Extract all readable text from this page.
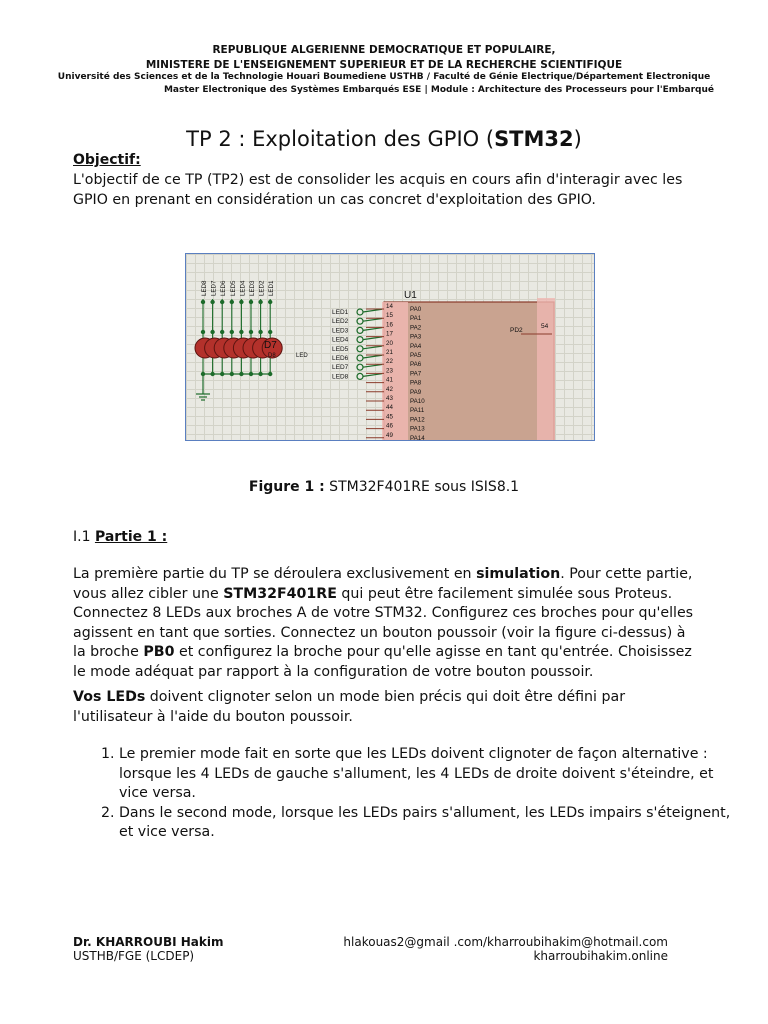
REPUBLIQUE ALGERIENNE DEMOCRATIQUE ET POPULAIRE,
MINISTERE DE L'ENSEIGNEMENT SUPERIEUR ET DE LA RECHERCHE SCIENTIFIQUE
Université des Sciences et de la Technologie Houari Boumediene USTHB / Faculté de Génie Electrique/Département Electronique
Master Electronique des Systèmes Embarqués ESE | Module : Architecture des Processeurs pour l'Embarqué
TP 2 : Exploitation des GPIO (STM32)
Objectif:
L'objectif de ce TP (TP2) est de consolider les acquis en cours afin d'interagir avec les GPIO en prenant en considération un cas concret d'exploitation des GPIO.
LED8 LED7 LED6 LED5 LED4 LED3 LED2 LED1
LED1
LED2
LED3
LED4
LED5
LED6
LED7
LED8
U1
14	PA0
15	PA1
16	PA2
17	PA3
20	PA4
21	PA5
22	PA6
23	PA7
41	PA8
42	PA9
43	PA10
44	PA11
45	PA12
46	PA13
49	PA14
PD2
54
D7
D8	LED
Figure 1 : STM32F401RE sous ISIS8.1
I.1 Partie 1 :
La première partie du TP se déroulera exclusivement en simulation. Pour cette partie, vous allez cibler une STM32F401RE qui peut être facilement simulée sous Proteus. Connectez 8 LEDs aux broches A de votre STM32. Configurez ces broches pour qu'elles agissent en tant que sorties. Connectez un bouton poussoir (voir la figure ci-dessus) à la broche PB0 et configurez la broche pour qu'elle agisse en tant qu'entrée. Choisissez le mode adéquat par rapport à la configuration de votre bouton poussoir.
Vos LEDs doivent clignoter selon un mode bien précis qui doit être défini par l'utilisateur à l'aide du bouton poussoir.
1. Le premier mode fait en sorte que les LEDs doivent clignoter de façon alternative : lorsque les 4 LEDs de gauche s'allument, les 4 LEDs de droite doivent s'éteindre, et vice versa.
2. Dans le second mode, lorsque les LEDs pairs s'allument, les LEDs impairs s'éteignent, et vice versa.
Dr. KHARROUBI Hakim
USTHB/FGE (LCDEP)
hlakouas2@gmail .com/kharroubihakim@hotmail.com
kharroubihakim.online
